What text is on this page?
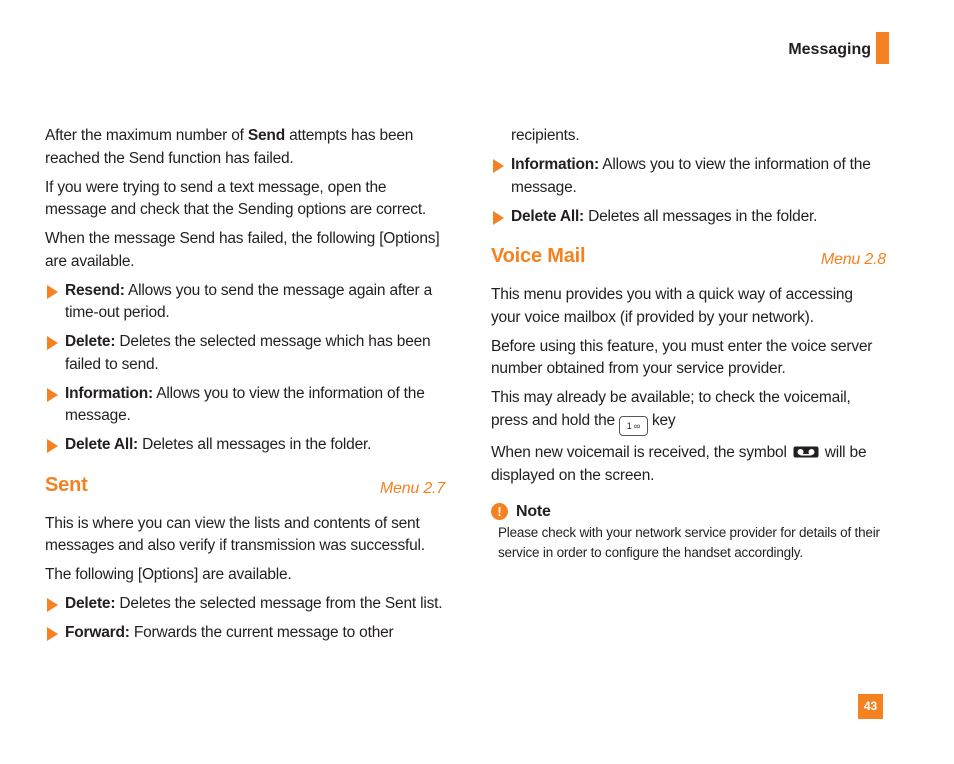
Messaging

After the maximum number of Send attempts has been reached the Send function has failed.

If you were trying to send a text message, open the message and check that the Sending options are correct.

When the message Send has failed, the following [Options] are available.

Resend: Allows you to send the message again after a time-out period.
Delete: Deletes the selected message which has been failed to send.
Information: Allows you to view the information of the message.
Delete All: Deletes all messages in the folder.
Sent	Menu 2.7

This is where you can view the lists and contents of sent messages and also verify if transmission was successful.

The following [Options] are available.

Delete: Deletes the selected message from the Sent list.
Forward: Forwards the current message to other

recipients.

Information: Allows you to view the information of the message.
Delete All: Deletes all messages in the folder.
Voice Mail	Menu 2.8

This menu provides you with a quick way of accessing your voice mailbox (if provided by your network).

Before using this feature, you must enter the voice server number obtained from your service provider.

This may already be available; to check the voicemail, press and hold the 1 ∞ key

When new voicemail is received, the symbol will be displayed on the screen.

! Note
Please check with your network service provider for details of their service in order to configure the handset accordingly.
43
